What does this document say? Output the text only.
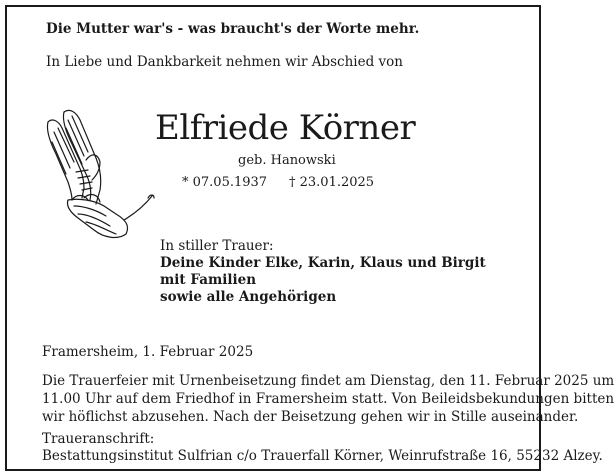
Die Mutter war's - was braucht's der Worte mehr.
In Liebe und Dankbarkeit nehmen wir Abschied von
Elfriede Körner
geb. Hanowski
* 07.05.1937 † 23.01.2025
In stiller Trauer:
Deine Kinder Elke, Karin, Klaus und Birgit
mit Familien
sowie alle Angehörigen
Framersheim, 1. Februar 2025
Die Trauerfeier mit Urnenbeisetzung findet am Dienstag, den 11. Februar 2025 um
11.00 Uhr auf dem Friedhof in Framersheim statt. Von Beileidsbekundungen bitten
wir höflichst abzusehen. Nach der Beisetzung gehen wir in Stille auseinander.
Traueranschrift:
Bestattungsinstitut Sulfrian c/o Trauerfall Körner, Weinrufstraße 16, 55232 Alzey.
